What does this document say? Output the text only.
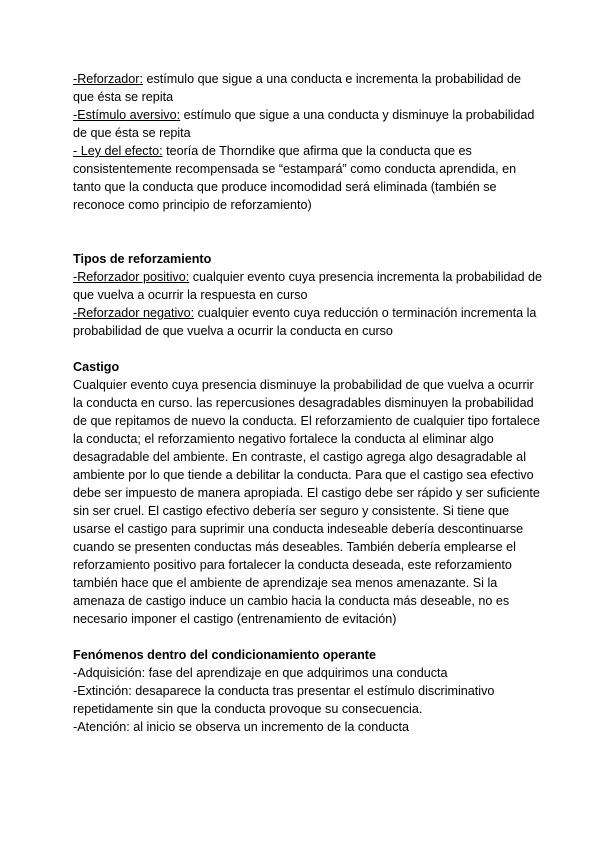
-Reforzador: estímulo que sigue a una conducta e incrementa la probabilidad de que ésta se repita

-Estímulo aversivo: estímulo que sigue a una conducta y disminuye la probabilidad de que ésta se repita

- Ley del efecto: teoría de Thorndike que afirma que la conducta que es consistentemente recompensada se “estampará” como conducta aprendida, en tanto que la conducta que produce incomodidad será eliminada (también se reconoce como principio de reforzamiento)

Tipos de reforzamiento

-Reforzador positivo: cualquier evento cuya presencia incrementa la probabilidad de que vuelva a ocurrir la respuesta en curso

-Reforzador negativo: cualquier evento cuya reducción o terminación incrementa la probabilidad de que vuelva a ocurrir la conducta en curso

Castigo

Cualquier evento cuya presencia disminuye la probabilidad de que vuelva a ocurrir la conducta en curso. las repercusiones desagradables disminuyen la probabilidad de que repitamos de nuevo la conducta. El reforzamiento de cualquier tipo fortalece la conducta; el reforzamiento negativo fortalece la conducta al eliminar algo desagradable del ambiente. En contraste, el castigo agrega algo desagradable al ambiente por lo que tiende a debilitar la conducta. Para que el castigo sea efectivo debe ser impuesto de manera apropiada. El castigo debe ser rápido y ser suficiente sin ser cruel. El castigo efectivo debería ser seguro y consistente. Si tiene que usarse el castigo para suprimir una conducta indeseable debería descontinuarse cuando se presenten conductas más deseables. También debería emplearse el reforzamiento positivo para fortalecer la conducta deseada, este reforzamiento también hace que el ambiente de aprendizaje sea menos amenazante. Si la amenaza de castigo induce un cambio hacia la conducta más deseable, no es necesario imponer el castigo (entrenamiento de evitación)

Fenómenos dentro del condicionamiento operante

-Adquisición: fase del aprendizaje en que adquirimos una conducta

-Extinción: desaparece la conducta tras presentar el estímulo discriminativo repetidamente sin que la conducta provoque su consecuencia.

-Atención: al inicio se observa un incremento de la conducta
